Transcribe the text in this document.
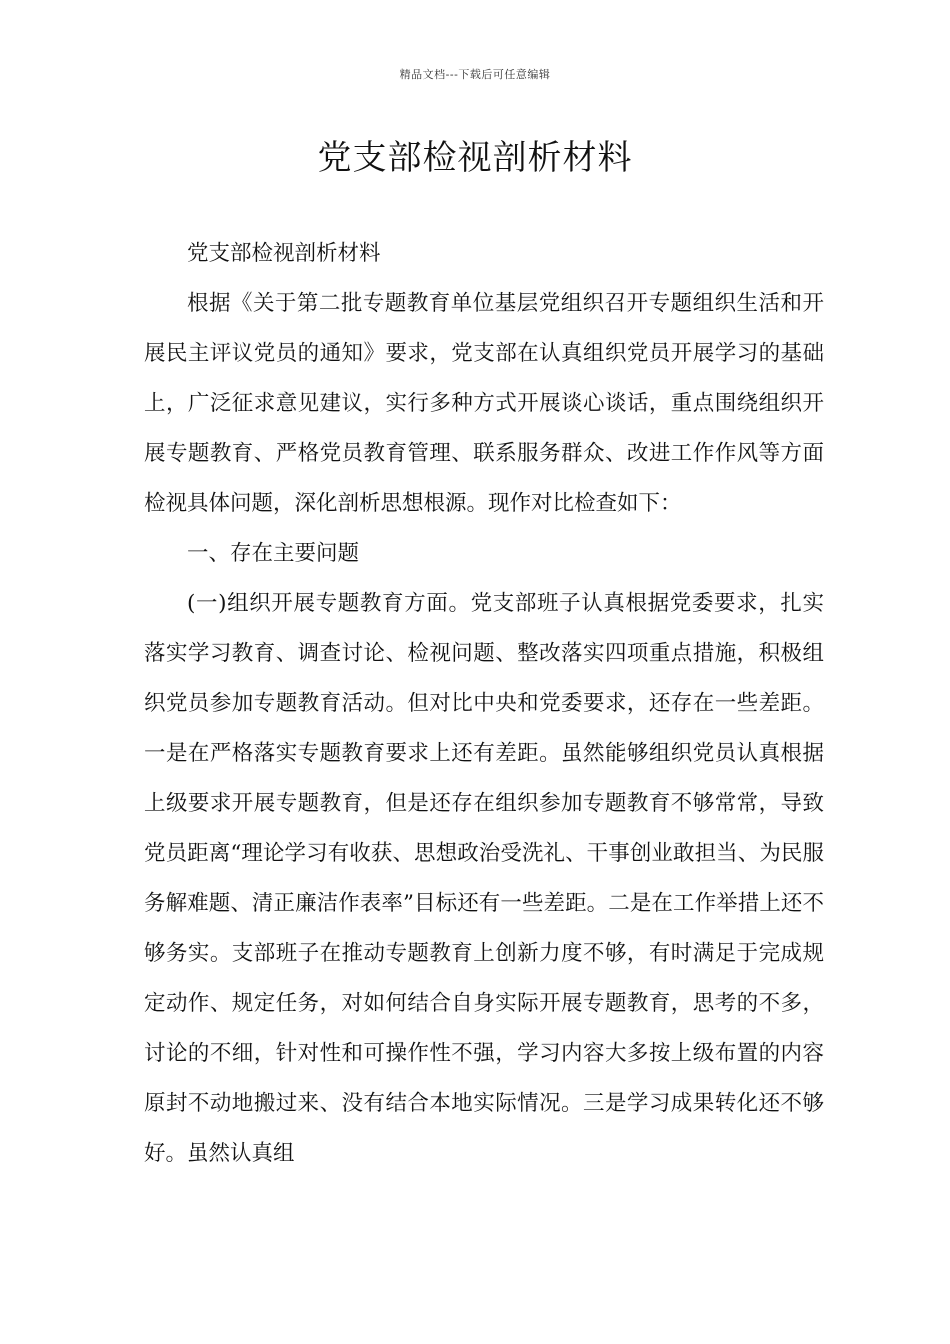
精品文档---下载后可任意编辑
党支部检视剖析材料

党支部检视剖析材料

根据《关于第二批专题教育单位基层党组织召开专题组织生活和开展民主评议党员的通知》要求，党支部在认真组织党员开展学习的基础上，广泛征求意见建议，实行多种方式开展谈心谈话，重点围绕组织开展专题教育、严格党员教育管理、联系服务群众、改进工作作风等方面检视具体问题，深化剖析思想根源。现作对比检查如下：

一、存在主要问题

(一)组织开展专题教育方面。党支部班子认真根据党委要求，扎实落实学习教育、调查讨论、检视问题、整改落实四项重点措施，积极组织党员参加专题教育活动。但对比中央和党委要求，还存在一些差距。一是在严格落实专题教育要求上还有差距。虽然能够组织党员认真根据上级要求开展专题教育，但是还存在组织参加专题教育不够常常，导致党员距离“理论学习有收获、思想政治受洗礼、干事创业敢担当、为民服务解难题、清正廉洁作表率”目标还有一些差距。二是在工作举措上还不够务实。支部班子在推动专题教育上创新力度不够，有时满足于完成规定动作、规定任务，对如何结合自身实际开展专题教育，思考的不多，讨论的不细，针对性和可操作性不强，学习内容大多按上级布置的内容原封不动地搬过来、没有结合本地实际情况。三是学习成果转化还不够好。虽然认真组
